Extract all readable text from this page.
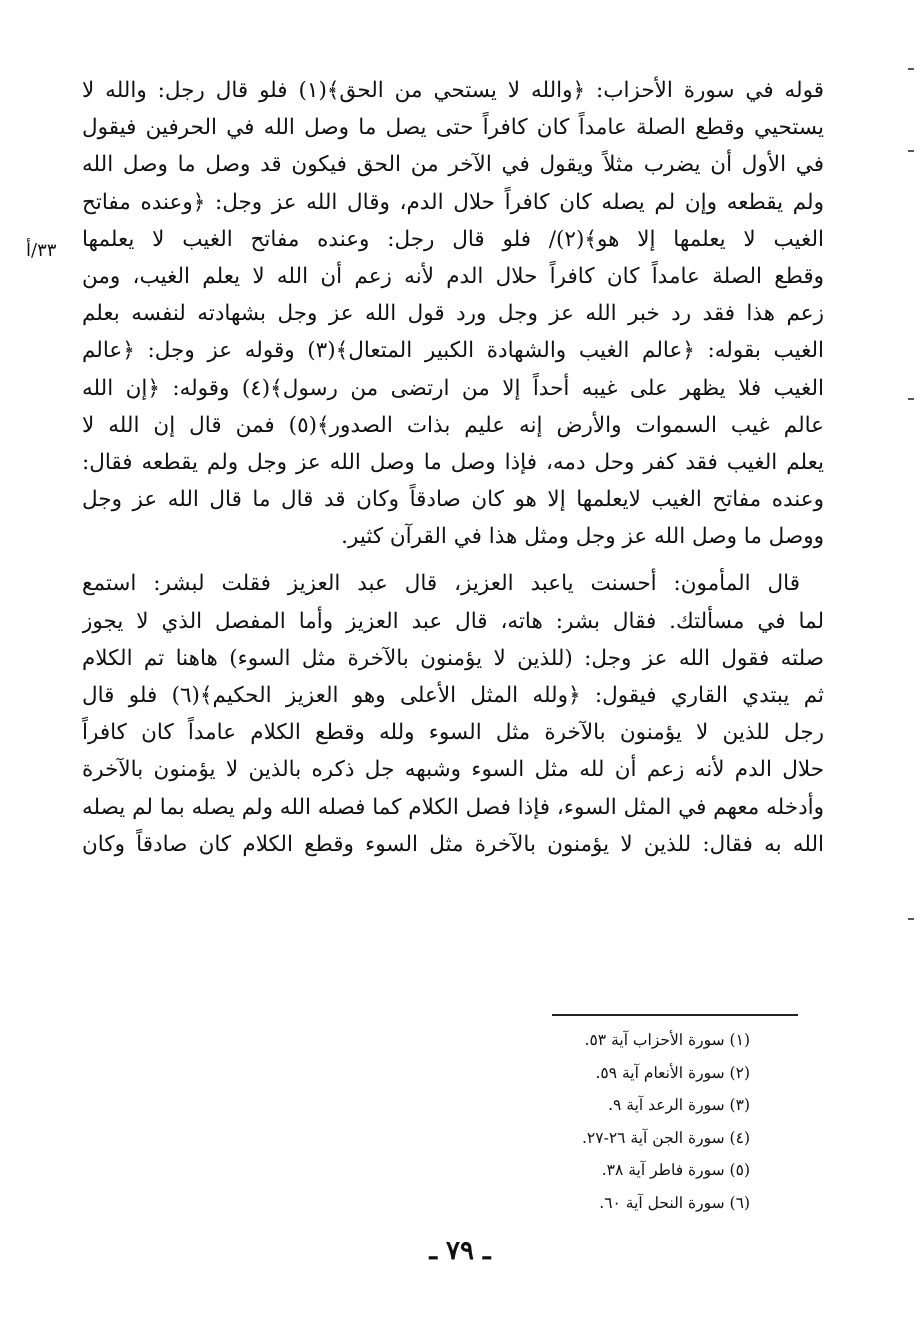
قوله في سورة الأحزاب: ﴿والله لا يستحي من الحق﴾(١) فلو قال رجل: والله لا
يستحيي وقطع الصلة عامداً كان كافراً حتى يصل ما وصل الله في الحرفين فيقول
في الأول أن يضرب مثلاً ويقول في الآخر من الحق فيكون قد وصل ما وصل الله
ولم يقطعه وإن لم يصله كان كافراً حلال الدم، وقال الله عز وجل: ﴿وعنده مفاتح
الغيب لا يعلمها إلا هو﴾(٢)/ فلو قال رجل: وعنده مفاتح الغيب لا يعلمها
وقطع الصلة عامداً كان كافراً حلال الدم لأنه زعم أن الله لا يعلم الغيب، ومن
زعم هذا فقد رد خبر الله عز وجل ورد قول الله عز وجل بشهادته لنفسه بعلم
الغيب بقوله: ﴿عالم الغيب والشهادة الكبير المتعال﴾(٣) وقوله عز وجل: ﴿عالم
الغيب فلا يظهر على غيبه أحداً إلا من ارتضى من رسول﴾(٤) وقوله: ﴿إن الله
عالم غيب السموات والأرض إنه عليم بذات الصدور﴾(٥) فمن قال إن الله لا
يعلم الغيب فقد كفر وحل دمه، فإذا وصل ما وصل الله عز وجل ولم يقطعه فقال:
وعنده مفاتح الغيب لايعلمها إلا هو كان صادقاً وكان قد قال ما قال الله عز وجل
ووصل ما وصل الله عز وجل ومثل هذا في القرآن كثير.
قال المأمون: أحسنت ياعبد العزيز، قال عبد العزيز فقلت لبشر: استمع
لما في مسألتك. فقال بشر: هاته، قال عبد العزيز وأما المفصل الذي لا يجوز
صلته فقول الله عز وجل: (للذين لا يؤمنون بالآخرة مثل السوء) هاهنا تم الكلام
ثم يبتدي القاري فيقول: ﴿ولله المثل الأعلى وهو العزيز الحكيم﴾(٦) فلو قال
رجل للذين لا يؤمنون بالآخرة مثل السوء ولله وقطع الكلام عامداً كان كافراً
حلال الدم لأنه زعم أن لله مثل السوء وشبهه جل ذكره بالذين لا يؤمنون بالآخرة
وأدخله معهم في المثل السوء، فإذا فصل الكلام كما فصله الله ولم يصله بما لم يصله
الله به فقال: للذين لا يؤمنون بالآخرة مثل السوء وقطع الكلام كان صادقاً وكان
٣٣/أ
(١) سورة الأحزاب آية ٥٣.
(٢) سورة الأنعام آية ٥٩.
(٣) سورة الرعد آية ٩.
(٤) سورة الجن آية ٢٦-٢٧.
(٥) سورة فاطر آية ٣٨.
(٦) سورة النحل آية ٦٠.
ـ ٧٩ ـ
